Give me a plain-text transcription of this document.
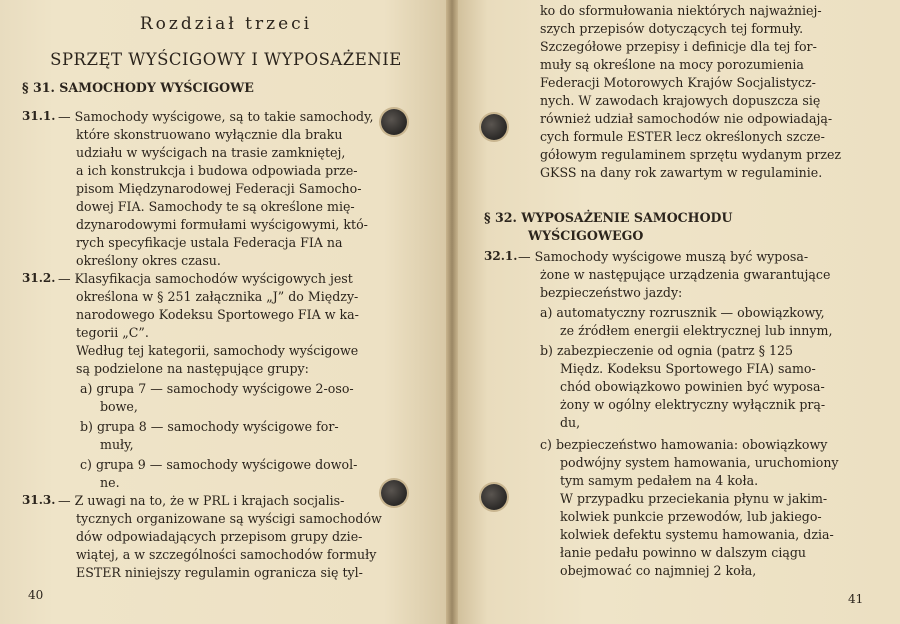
Rozdział trzeci
SPRZĘT WYŚCIGOWY I WYPOSAŻENIE
§ 31. SAMOCHODY WYŚCIGOWE
31.1. — Samochody wyścigowe, są to takie samochody,
które skonstruowano wyłącznie dla braku
udziału w wyścigach na trasie zamkniętej,
a ich konstrukcja i budowa odpowiada prze-
pisom Międzynarodowej Federacji Samocho-
dowej FIA. Samochody te są określone mię-
dzynarodowymi formułami wyścigowymi, któ-
rych specyfikacje ustala Federacja FIA na
określony okres czasu.
31.2. — Klasyfikacja samochodów wyścigowych jest
określona w § 251 załącznika „J” do Między-
narodowego Kodeksu Sportowego FIA w ka-
tegorii „C”.
Według tej kategorii, samochody wyścigowe
są podzielone na następujące grupy:
a) grupa 7 — samochody wyścigowe 2-oso-
bowe,
b) grupa 8 — samochody wyścigowe for-
muły,
c) grupa 9 — samochody wyścigowe dowol-
ne.
31.3. — Z uwagi na to, że w PRL i krajach socjalis-
tycznych organizowane są wyścigi samochodów
dów odpowiadających przepisom grupy dzie-
wiątej, a w szczególności samochodów formuły
ESTER niniejszy regulamin ogranicza się tyl-
40
ko do sformułowania niektórych najważniej-
szych przepisów dotyczących tej formuły.
Szczegółowe przepisy i definicje dla tej for-
muły są określone na mocy porozumienia
Federacji Motorowych Krajów Socjalistycz-
nych. W zawodach krajowych dopuszcza się
również udział samochodów nie odpowiadają-
cych formule ESTER lecz określonych szcze-
gółowym regulaminem sprzętu wydanym przez
GKSS na dany rok zawartym w regulaminie.
§ 32. WYPOSAŻENIE SAMOCHODU
WYŚCIGOWEGO
32.1. — Samochody wyścigowe muszą być wyposa-
żone w następujące urządzenia gwarantujące
bezpieczeństwo jazdy:
a) automatyczny rozrusznik — obowiązkowy,
ze źródłem energii elektrycznej lub innym,
b) zabezpieczenie od ognia (patrz § 125
Międz. Kodeksu Sportowego FIA) samo-
chód obowiązkowo powinien być wyposa-
żony w ogólny elektryczny wyłącznik prą-
du,
c) bezpieczeństwo hamowania: obowiązkowy
podwójny system hamowania, uruchomiony
tym samym pedałem na 4 koła.
W przypadku przeciekania płynu w jakim-
kolwiek punkcie przewodów, lub jakiego-
kolwiek defektu systemu hamowania, dzia-
łanie pedału powinno w dalszym ciągu
obejmować co najmniej 2 koła,
41
